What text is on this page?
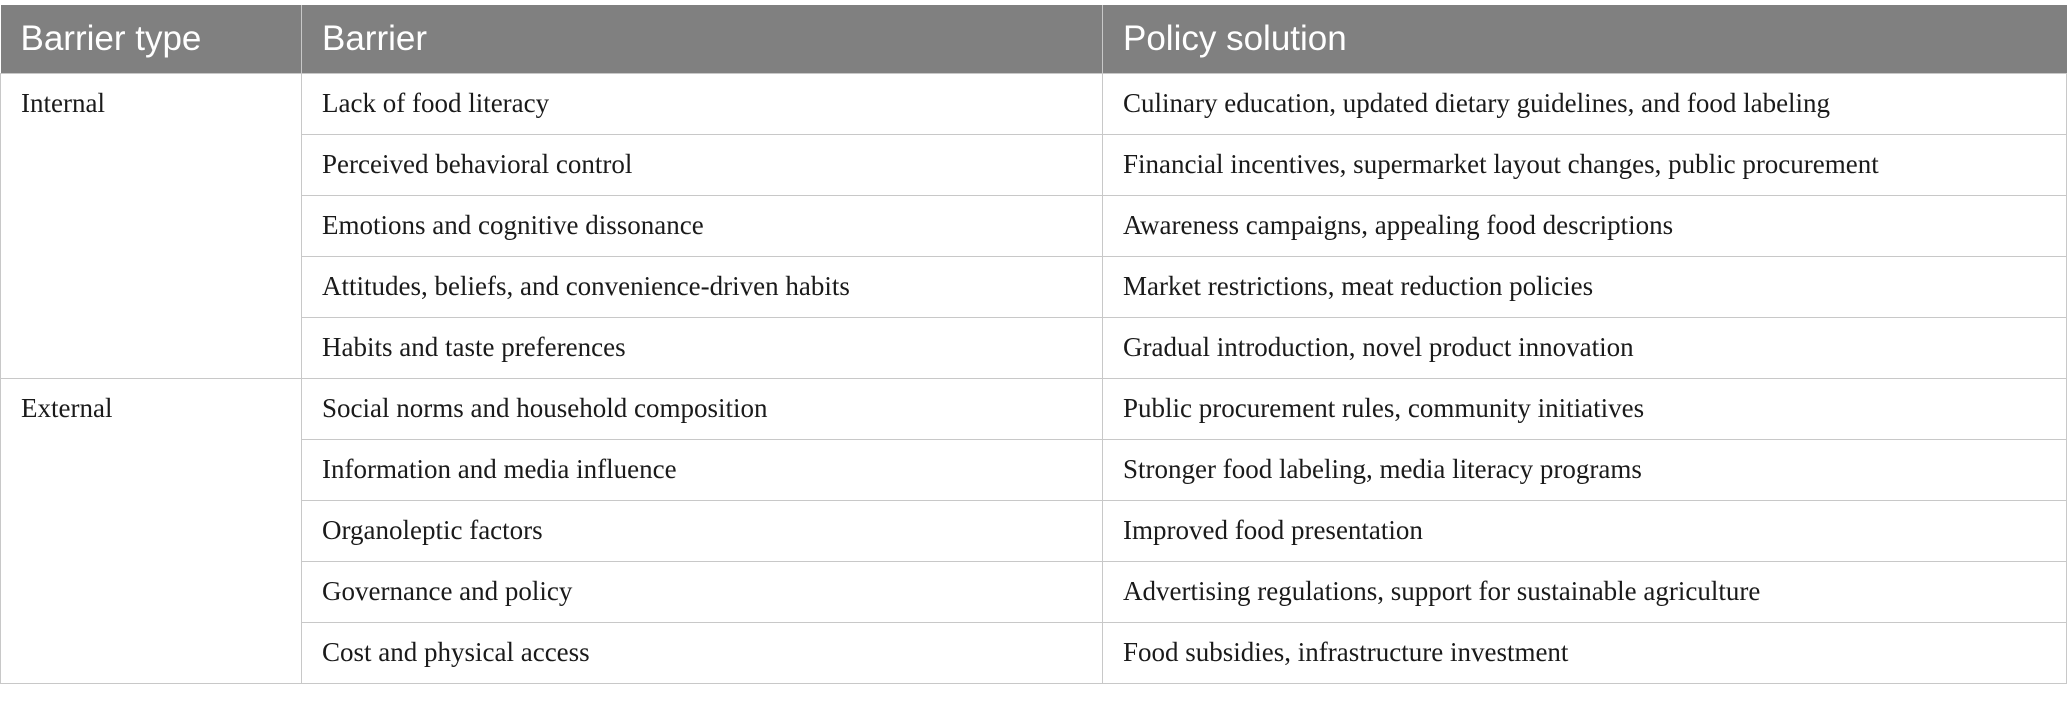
Barrier type	Barrier	Policy solution
Internal	Lack of food literacy	Culinary education, updated dietary guidelines, and food labeling
	Perceived behavioral control	Financial incentives, supermarket layout changes, public procurement
	Emotions and cognitive dissonance	Awareness campaigns, appealing food descriptions
	Attitudes, beliefs, and convenience-driven habits	Market restrictions, meat reduction policies
	Habits and taste preferences	Gradual introduction, novel product innovation
External	Social norms and household composition	Public procurement rules, community initiatives
	Information and media influence	Stronger food labeling, media literacy programs
	Organoleptic factors	Improved food presentation
	Governance and policy	Advertising regulations, support for sustainable agriculture
	Cost and physical access	Food subsidies, infrastructure investment
